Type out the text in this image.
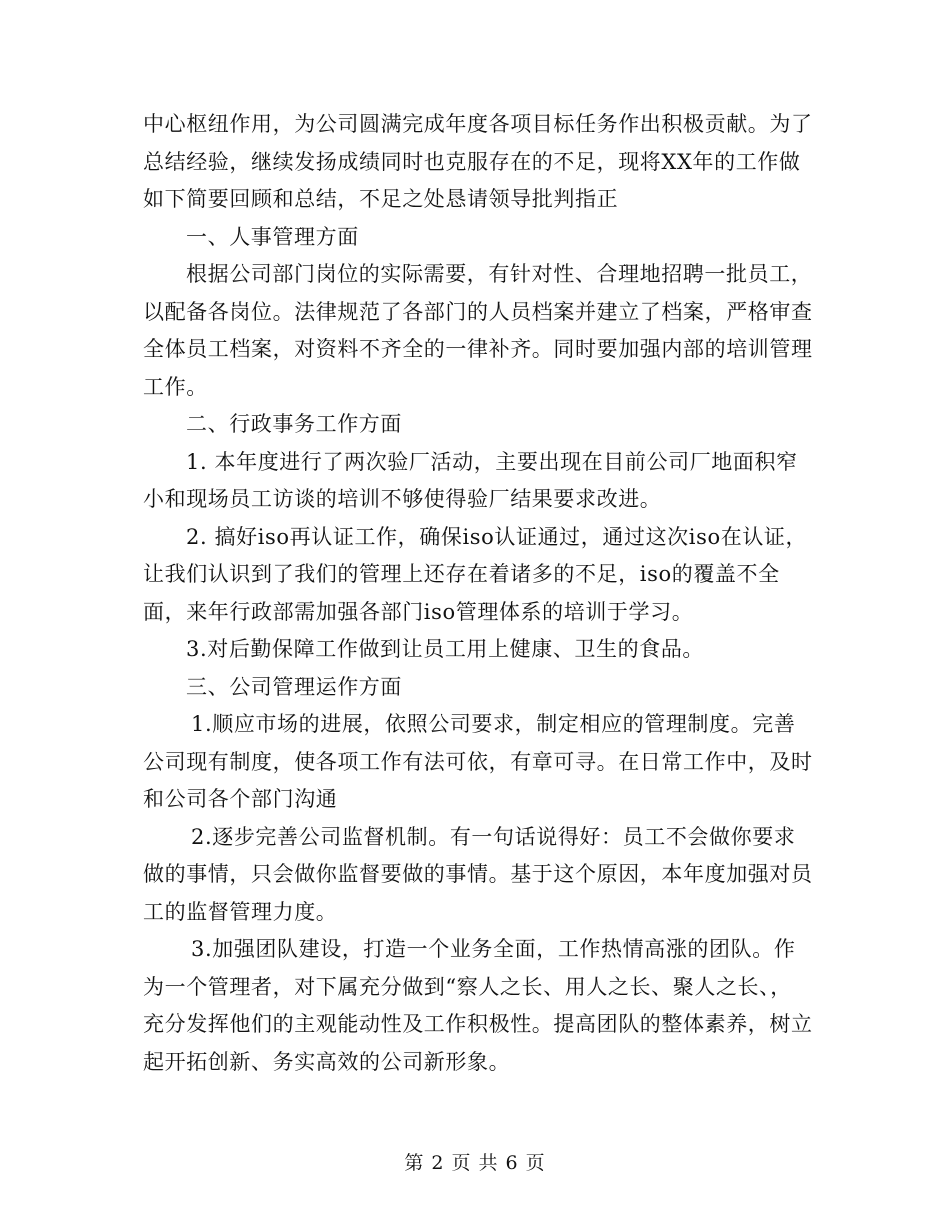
中心枢纽作用，为公司圆满完成年度各项目标任务作出积极贡献。为了总结经验，继续发扬成绩同时也克服存在的不足，现将XX年的工作做如下简要回顾和总结，不足之处恳请领导批判指正

一、人事管理方面

根据公司部门岗位的实际需要，有针对性、合理地招聘一批员工，以配备各岗位。法律规范了各部门的人员档案并建立了档案，严格审查全体员工档案，对资料不齐全的一律补齐。同时要加强内部的培训管理工作。

二、行政事务工作方面

1. 本年度进行了两次验厂活动，主要出现在目前公司厂地面积窄小和现场员工访谈的培训不够使得验厂结果要求改进。

2. 搞好iso再认证工作，确保iso认证通过，通过这次iso在认证，让我们认识到了我们的管理上还存在着诸多的不足，iso的覆盖不全面，来年行政部需加强各部门iso管理体系的培训于学习。

3.对后勤保障工作做到让员工用上健康、卫生的食品。

三、公司管理运作方面

1.顺应市场的进展，依照公司要求，制定相应的管理制度。完善公司现有制度，使各项工作有法可依，有章可寻。在日常工作中，及时和公司各个部门沟通

2.逐步完善公司监督机制。有一句话说得好：员工不会做你要求做的事情，只会做你监督要做的事情。基于这个原因，本年度加强对员工的监督管理力度。

3.加强团队建设，打造一个业务全面，工作热情高涨的团队。作为一个管理者，对下属充分做到“察人之长、用人之长、聚人之长、，充分发挥他们的主观能动性及工作积极性。提高团队的整体素养，树立起开拓创新、务实高效的公司新形象。

第 2 页 共 6 页
